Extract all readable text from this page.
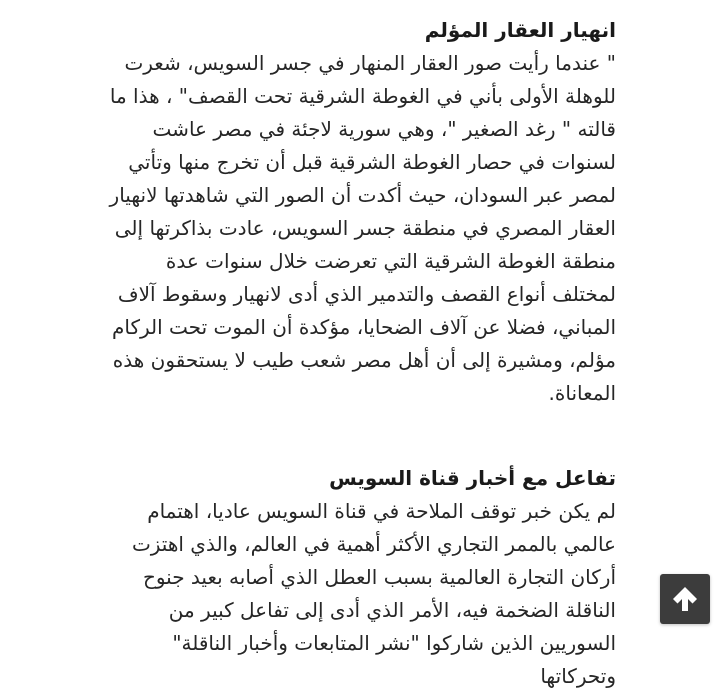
انهيار العقار المؤلم

" عندما رأيت صور العقار المنهار في جسر السويس، شعرت للوهلة الأولى بأني في الغوطة الشرقية تحت القصف" ، هذا ما قالته " رغد الصغير "، وهي سورية لاجئة في مصر عاشت لسنوات في حصار الغوطة الشرقية قبل أن تخرج منها وتأتي لمصر عبر السودان، حيث أكدت أن الصور التي شاهدتها لانهيار العقار المصري في منطقة جسر السويس، عادت بذاكرتها إلى منطقة الغوطة الشرقية التي تعرضت خلال سنوات عدة لمختلف أنواع القصف والتدمير الذي أدى لانهيار وسقوط آلاف المباني، فضلا عن آلاف الضحايا، مؤكدة أن الموت تحت الركام مؤلم، ومشيرة إلى أن أهل مصر شعب طيب لا يستحقون هذه المعاناة.

تفاعل مع أخبار قناة السويس

لم يكن خبر توقف الملاحة في قناة السويس عاديا، اهتمام عالمي بالممر التجاري الأكثر أهمية في العالم، والذي اهتزت أركان التجارة العالمية بسبب العطل الذي أصابه بعيد جنوح الناقلة الضخمة فيه، الأمر الذي أدى إلى تفاعل كبير من السوريين الذين شاركوا "نشر المتابعات وأخبار الناقلة" وتحركاتها
